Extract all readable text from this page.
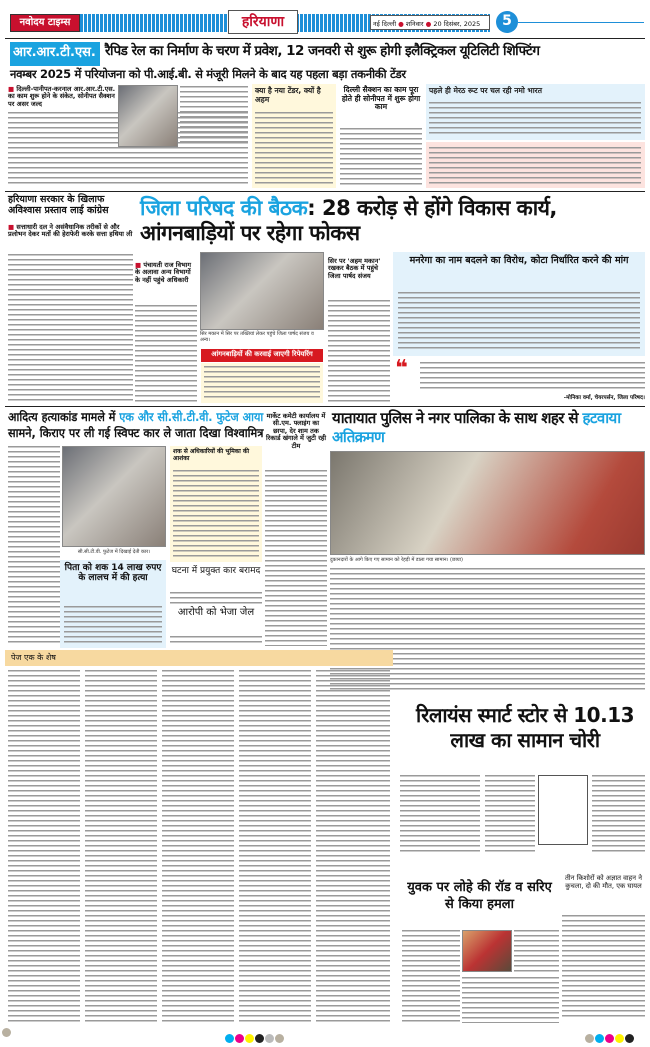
नवोदय टाइम्स	हरियाणा	नई दिल्ली ● शनिवार ● 20 दिसंबर, 2025	5
आर.आर.टी.एस. रैपिड रेल का निर्माण के चरण में प्रवेश, 12 जनवरी से शुरू होगी इलैक्ट्रिकल यूटिलिटी शिफ्टिंग
नवम्बर 2025 में परियोजना को पी.आई.बी. से मंजूरी मिलने के बाद यह पहला बड़ा तकनीकी टेंडर
■ दिल्ली-पानीपत-करनाल आर.आर.टी.एस. का काम शुरू होने के संकेत, सोनीपत सैक्शन पर असर जल्द
क्या है नया टेंडर, क्यों है अहम
दिल्ली सैक्शन का काम पूरा होते ही सोनीपत में शुरू होगा काम
पहले ही मेरठ रूट पर चल रही नमो भारत
हरियाणा सरकार के खिलाफ अविश्वास प्रस्ताव लाई कांग्रेस
■ सत्ताधारी दल ने असंवैधानिक तरीकों से और प्रलोभन देकर मतों की हेराफेरी करके सत्ता हथिया ली
जिला परिषद की बैठक: 28 करोड़ से होंगे विकास कार्य, आंगनबाड़ियों पर रहेगा फोकस
■ पंचायती राज विभाग के अलावा अन्य विभागों के नहीं पहुंचे अधिकारी
सिर मकान में सिर पर तख्तियां लेकर पहुंचे जिला पार्षद संजय व अन्य।
आंगनबाड़ियों की करवाई जाएगी रिपेयरिंग
सिर पर 'अहम मकान' रखकर बैठक में पहुंचे जिला पार्षद संजय
मनरेगा का नाम बदलने का विरोध, कोटा निर्धारित करने की मांग
❝
-मोनिका वर्मा, चेयरपर्सन, जिला परिषद।
आदित्य हत्याकांड मामले में एक और सी.सी.टी.वी. फुटेज आया
सामने, किराए पर ली गई स्विफ्ट कार ले जाता दिखा विश्वामित्र
सी.सी.टी.वी. फुटेज में दिखाई देती कार।
शक से अधिकारियों की भूमिका की आशंका
पिता को शक 14 लाख रुपए के लालच में की हत्या
घटना में प्रयुक्त कार बरामद
आरोपी को भेजा जेल
मार्केट कमेटी कार्यालय में सी.एम. फ्लाइंग का छापा, देर शाम तक रिकार्ड खंगाले में जुटी रही टीम
यातायात पुलिस ने नगर पालिका के साथ शहर से हटवाया अतिक्रमण
दुकानदारों के आगे किए गए सामान को रेहड़ी में डाला गया सामान। (छाया)
पेज एक के शेष
रिलायंस स्मार्ट स्टोर से 10.13 लाख का सामान चोरी
युवक पर लोहे की रॉड व सरिए से किया हमला
तीन किशोरों को अज्ञात वाहन ने कुचला, दो की मौत, एक घायल
